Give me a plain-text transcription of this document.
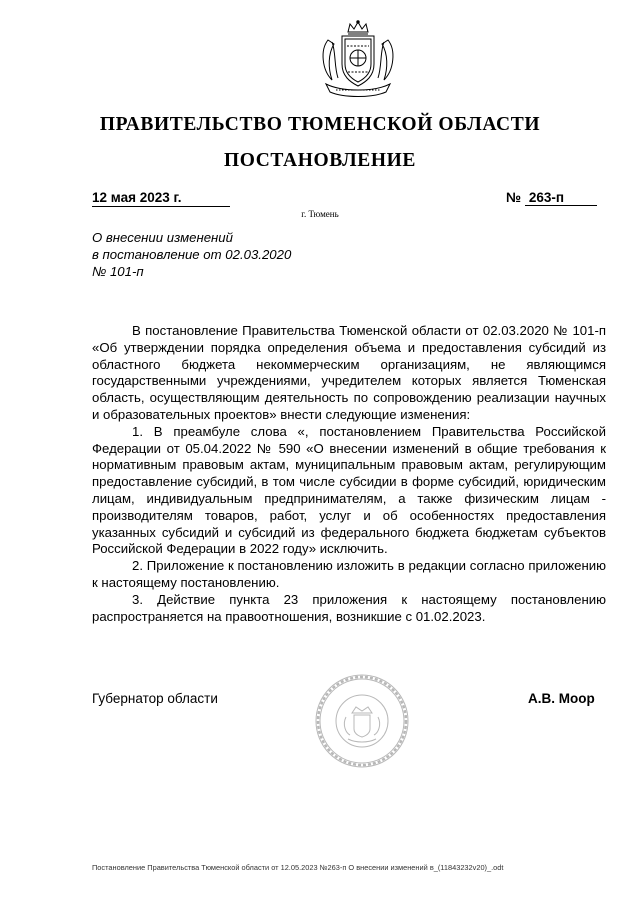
ПРАВИТЕЛЬСТВО ТЮМЕНСКОЙ ОБЛАСТИ
ПОСТАНОВЛЕНИЕ
12 мая 2023 г.	№ 263-п
г. Тюмень
О внесении изменений
в постановление от 02.03.2020
№ 101-п

В постановление Правительства Тюменской области от 02.03.2020 № 101-п «Об утверждении порядка определения объема и предоставления субсидий из областного бюджета некоммерческим организациям, не являющимся государственными учреждениями, учредителем которых является Тюменская область, осуществляющим деятельность по сопровождению реализации научных и образовательных проектов» внести следующие изменения:

1. В преамбуле слова «, постановлением Правительства Российской Федерации от 05.04.2022 № 590 «О внесении изменений в общие требования к нормативным правовым актам, муниципальным правовым актам, регулирующим предоставление субсидий, в том числе субсидии в форме субсидий, юридическим лицам, индивидуальным предпринимателям, а также физическим лицам - производителям товаров, работ, услуг и об особенностях предоставления указанных субсидий и субсидий из федерального бюджета бюджетам субъектов Российской Федерации в 2022 году» исключить.

2. Приложение к постановлению изложить в редакции согласно приложению к настоящему постановлению.

3. Действие пункта 23 приложения к настоящему постановлению распространяется на правоотношения, возникшие с 01.02.2023.

Губернатор области	А.В. Моор
Постановление Правительства Тюменской области от 12.05.2023 №263-п О внесении изменений в_(11843232v20)_.odt
